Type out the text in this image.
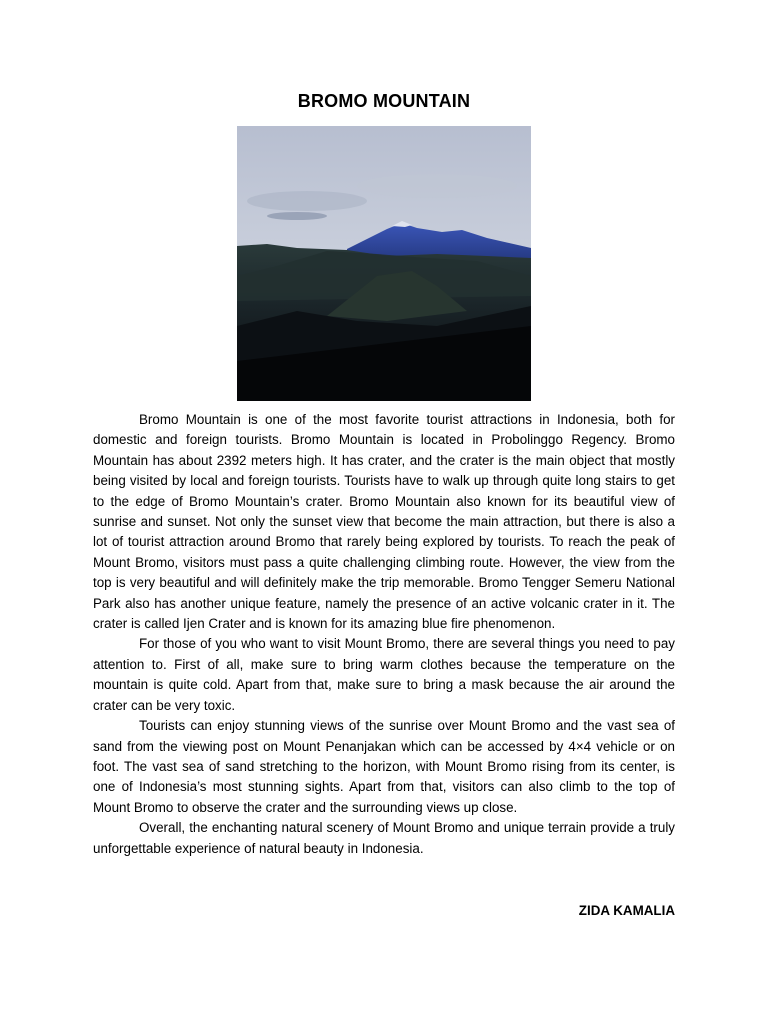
BROMO MOUNTAIN

Bromo Mountain is one of the most favorite tourist attractions in Indonesia, both for domestic and foreign tourists. Bromo Mountain is located in Probolinggo Regency. Bromo Mountain has about 2392 meters high. It has crater, and the crater is the main object that mostly being visited by local and foreign tourists. Tourists have to walk up through quite long stairs to get to the edge of Bromo Mountain’s crater. Bromo Mountain also known for its beautiful view of sunrise and sunset. Not only the sunset view that become the main attraction, but there is also a lot of tourist attraction around Bromo that rarely being explored by tourists. To reach the peak of Mount Bromo, visitors must pass a quite challenging climbing route. However, the view from the top is very beautiful and will definitely make the trip memorable. Bromo Tengger Semeru National Park also has another unique feature, namely the presence of an active volcanic crater in it. The crater is called Ijen Crater and is known for its amazing blue fire phenomenon.

For those of you who want to visit Mount Bromo, there are several things you need to pay attention to. First of all, make sure to bring warm clothes because the temperature on the mountain is quite cold. Apart from that, make sure to bring a mask because the air around the crater can be very toxic.

Tourists can enjoy stunning views of the sunrise over Mount Bromo and the vast sea of sand from the viewing post on Mount Penanjakan which can be accessed by 4×4 vehicle or on foot. The vast sea of sand stretching to the horizon, with Mount Bromo rising from its center, is one of Indonesia’s most stunning sights. Apart from that, visitors can also climb to the top of Mount Bromo to observe the crater and the surrounding views up close.

Overall, the enchanting natural scenery of Mount Bromo and unique terrain provide a truly unforgettable experience of natural beauty in Indonesia.

ZIDA KAMALIA
